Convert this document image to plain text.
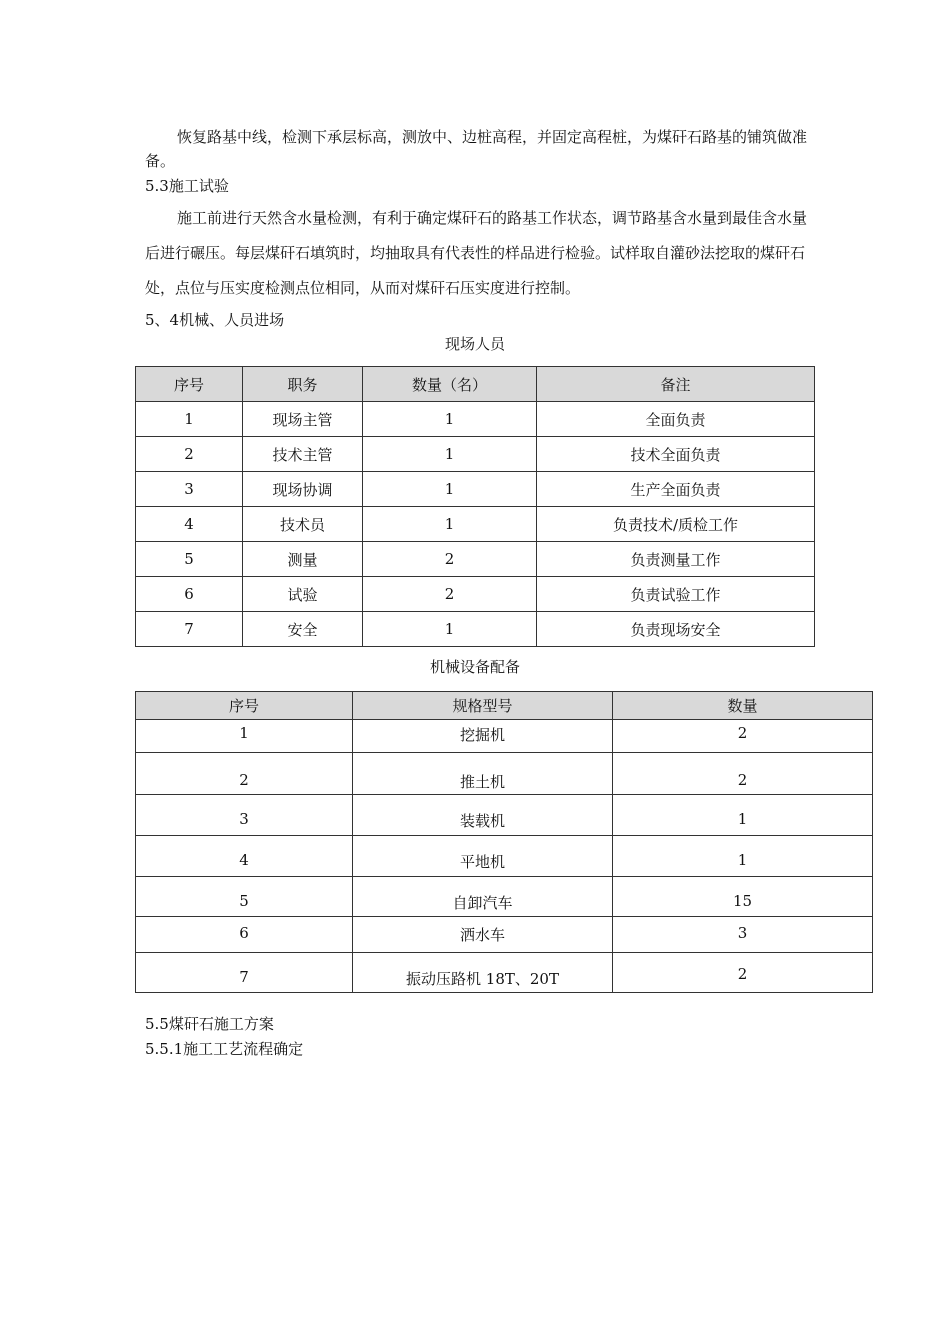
恢复路基中线，检测下承层标高，测放中、边桩高程，并固定高程桩，为煤矸石路基的铺筑做准备。

5.3施工试验

施工前进行天然含水量检测，有利于确定煤矸石的路基工作状态，调节路基含水量到最佳含水量后进行碾压。每层煤矸石填筑时，均抽取具有代表性的样品进行检验。试样取自灌砂法挖取的煤矸石处，点位与压实度检测点位相同，从而对煤矸石压实度进行控制。

5、4机械、人员进场

现场人员
序号	职务	数量（名）	备注
1	现场主管	1	全面负责
2	技术主管	1	技术全面负责
3	现场协调	1	生产全面负责
4	技术员	1	负责技术/质检工作
5	测量	2	负责测量工作
6	试验	2	负责试验工作
7	安全	1	负责现场安全
机械设备配备
序号	规格型号	数量
1	挖掘机	2
2	推土机	2
3	装载机	1
4	平地机	1
5	自卸汽车	15
6	洒水车	3
7	振动压路机 18T、20T	2

5.5煤矸石施工方案

5.5.1施工工艺流程确定
